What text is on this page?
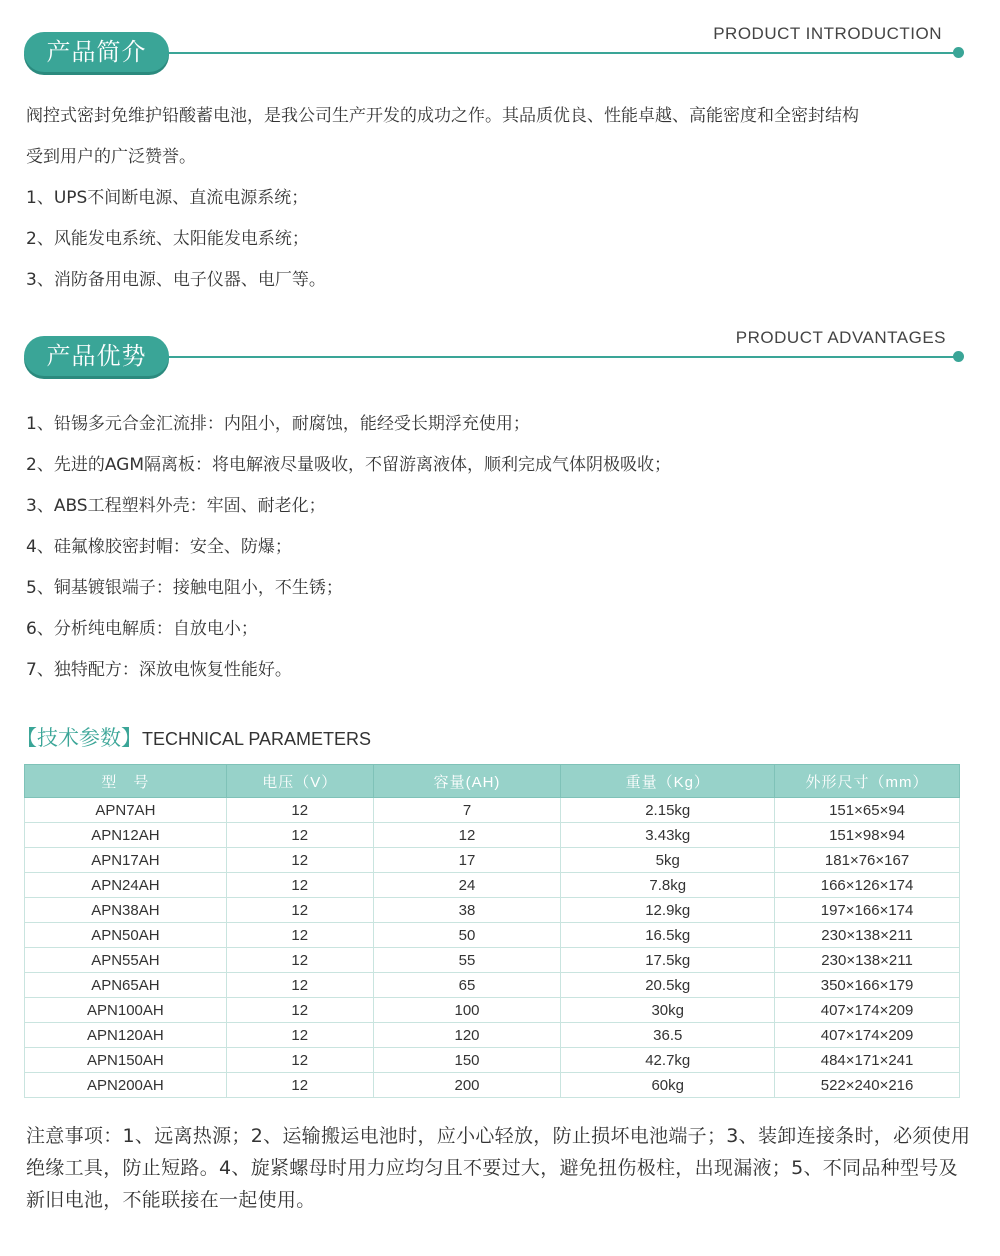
产品简介
PRODUCT INTRODUCTION

阀控式密封免维护铅酸蓄电池，是我公司生产开发的成功之作。其品质优良、性能卓越、高能密度和全密封结构

受到用户的广泛赞誉。

1、UPS不间断电源、直流电源系统；

2、风能发电系统、太阳能发电系统；

3、消防备用电源、电子仪器、电厂等。

产品优势
PRODUCT ADVANTAGES

1、铅锡多元合金汇流排：内阻小，耐腐蚀，能经受长期浮充使用；

2、先进的AGM隔离板：将电解液尽量吸收，不留游离液体，顺利完成气体阴极吸收；

3、ABS工程塑料外壳：牢固、耐老化；

4、硅氟橡胶密封帽：安全、防爆；

5、铜基镀银端子：接触电阻小，不生锈；

6、分析纯电解质：自放电小；

7、独特配方：深放电恢复性能好。

【技术参数】TECHNICAL PARAMETERS
型　号	电压（V）	容量(AH)	重量（Kg）	外形尺寸（mm）
APN7AH	12	7	2.15kg	151×65×94
APN12AH	12	12	3.43kg	151×98×94
APN17AH	12	17	5kg	181×76×167
APN24AH	12	24	7.8kg	166×126×174
APN38AH	12	38	12.9kg	197×166×174
APN50AH	12	50	16.5kg	230×138×211
APN55AH	12	55	17.5kg	230×138×211
APN65AH	12	65	20.5kg	350×166×179
APN100AH	12	100	30kg	407×174×209
APN120AH	12	120	36.5	407×174×209
APN150AH	12	150	42.7kg	484×171×241
APN200AH	12	200	60kg	522×240×216
注意事项：1、远离热源；2、运输搬运电池时，应小心轻放，防止损坏电池端子；3、装卸连接条时，必须使用绝缘工具，防止短路。4、旋紧螺母时用力应均匀且不要过大，避免扭伤极柱，出现漏液；5、不同品种型号及新旧电池，不能联接在一起使用。
